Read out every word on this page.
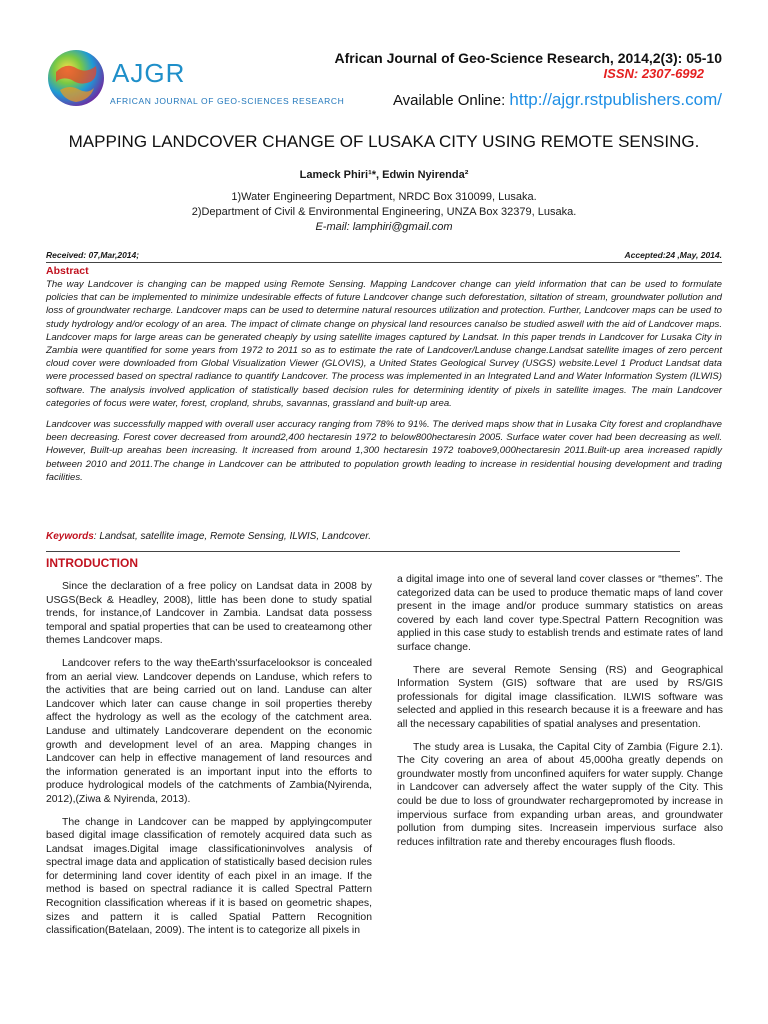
AJGR
AFRICAN JOURNAL OF GEO-SCIENCES RESEARCH
African Journal of Geo-Science Research, 2014,2(3): 05-10
ISSN: 2307-6992
Available Online: http://ajgr.rstpublishers.com/
MAPPING LANDCOVER CHANGE OF LUSAKA CITY USING REMOTE SENSING.
Lameck Phiri¹*, Edwin Nyirenda²
1)Water Engineering Department, NRDC Box 310099, Lusaka.
2)Department of Civil & Environmental Engineering, UNZA Box 32379, Lusaka.
E-mail: lamphiri@gmail.com
Received: 07,Mar,2014;	Accepted:24 ,May, 2014.
Abstract

The way Landcover is changing can be mapped using Remote Sensing. Mapping Landcover change can yield information that can be used to formulate policies that can be implemented to minimize undesirable effects of future Landcover change such deforestation, siltation of stream, groundwater pollution and loss of groundwater recharge. Landcover maps can be used to determine natural resources utilization and protection. Further, Landcover maps can be used to study hydrology and/or ecology of an area. The impact of climate change on physical land resources canalso be studied aswell with the aid of Landcover maps. Landcover maps for large areas can be generated cheaply by using satellite images captured by Landsat. In this paper trends in Landcover for Lusaka City in Zambia were quantified for some years from 1972 to 2011 so as to estimate the rate of Landcover/Landuse change.Landsat satellite images of zero percent cloud cover were downloaded from Global Visualization Viewer (GLOVIS), a United States Geological Survey (USGS) website.Level 1 Product Landsat data were processed based on spectral radiance to quantify Landcover. The process was implemented in an Integrated Land and Water Information System (ILWIS) software. The analysis involved application of statistically based decision rules for determining identity of pixels in satellite images. The main Landcover categories of focus were water, forest, cropland, shrubs, savannas, grassland and built-up area.

Landcover was successfully mapped with overall user accuracy ranging from 78% to 91%. The derived maps show that in Lusaka City forest and croplandhave been decreasing. Forest cover decreased from around2,400 hectaresin 1972 to below800hectaresin 2005. Surface water cover had been decreasing as well. However, Built-up areahas been increasing. It increased from around 1,300 hectaresin 1972 toabove9,000hectaresin 2011.Built-up area increased rapidly between 2010 and 2011.The change in Landcover can be attributed to population growth leading to increase in residential housing development and trading facilities.

Keywords: Landsat, satellite image, Remote Sensing, ILWIS, Landcover.
INTRODUCTION

Since the declaration of a free policy on Landsat data in 2008 by USGS(Beck & Headley, 2008), little has been done to study spatial trends, for instance,of Landcover in Zambia. Landsat data possess temporal and spatial properties that can be used to createamong other themes Landcover maps.

Landcover refers to the way theEarth'ssurfacelooksor is concealed from an aerial view. Landcover depends on Landuse, which refers to the activities that are being carried out on land. Landuse can alter Landcover which later can cause change in soil properties thereby affect the hydrology as well as the ecology of the catchment area. Landuse and ultimately Landcoverare dependent on the economic growth and development level of an area. Mapping changes in Landcover can help in effective management of land resources and the information generated is an important input into the efforts to produce hydrological models of the catchments of Zambia(Nyirenda, 2012),(Ziwa & Nyirenda, 2013).

The change in Landcover can be mapped by applyingcomputer based digital image classification of remotely acquired data such as Landsat images.Digital image classificationinvolves analysis of spectral image data and application of statistically based decision rules for determining land cover identity of each pixel in an image. If the method is based on spectral radiance it is called Spectral Pattern Recognition classification whereas if it is based on geometric shapes, sizes and pattern it is called Spatial Pattern Recognition classification(Batelaan, 2009). The intent is to categorize all pixels in

a digital image into one of several land cover classes or “themes”. The categorized data can be used to produce thematic maps of land cover present in the image and/or produce summary statistics on areas covered by each land cover type.Spectral Pattern Recognition was applied in this case study to establish trends and estimate rates of land surface change.

There are several Remote Sensing (RS) and Geographical Information System (GIS) software that are used by RS/GIS professionals for digital image classification. ILWIS software was selected and applied in this research because it is a freeware and has all the necessary capabilities of spatial analyses and presentation.

The study area is Lusaka, the Capital City of Zambia (Figure 2.1). The City covering an area of about 45,000ha greatly depends on groundwater mostly from unconfined aquifers for water supply. Change in Landcover can adversely affect the water supply of the City. This could be due to loss of groundwater rechargepromoted by increase in impervious surface from expanding urban areas, and groundwater pollution from dumping sites. Increasein impervious surface also reduces infiltration rate and thereby encourages flush floods.
